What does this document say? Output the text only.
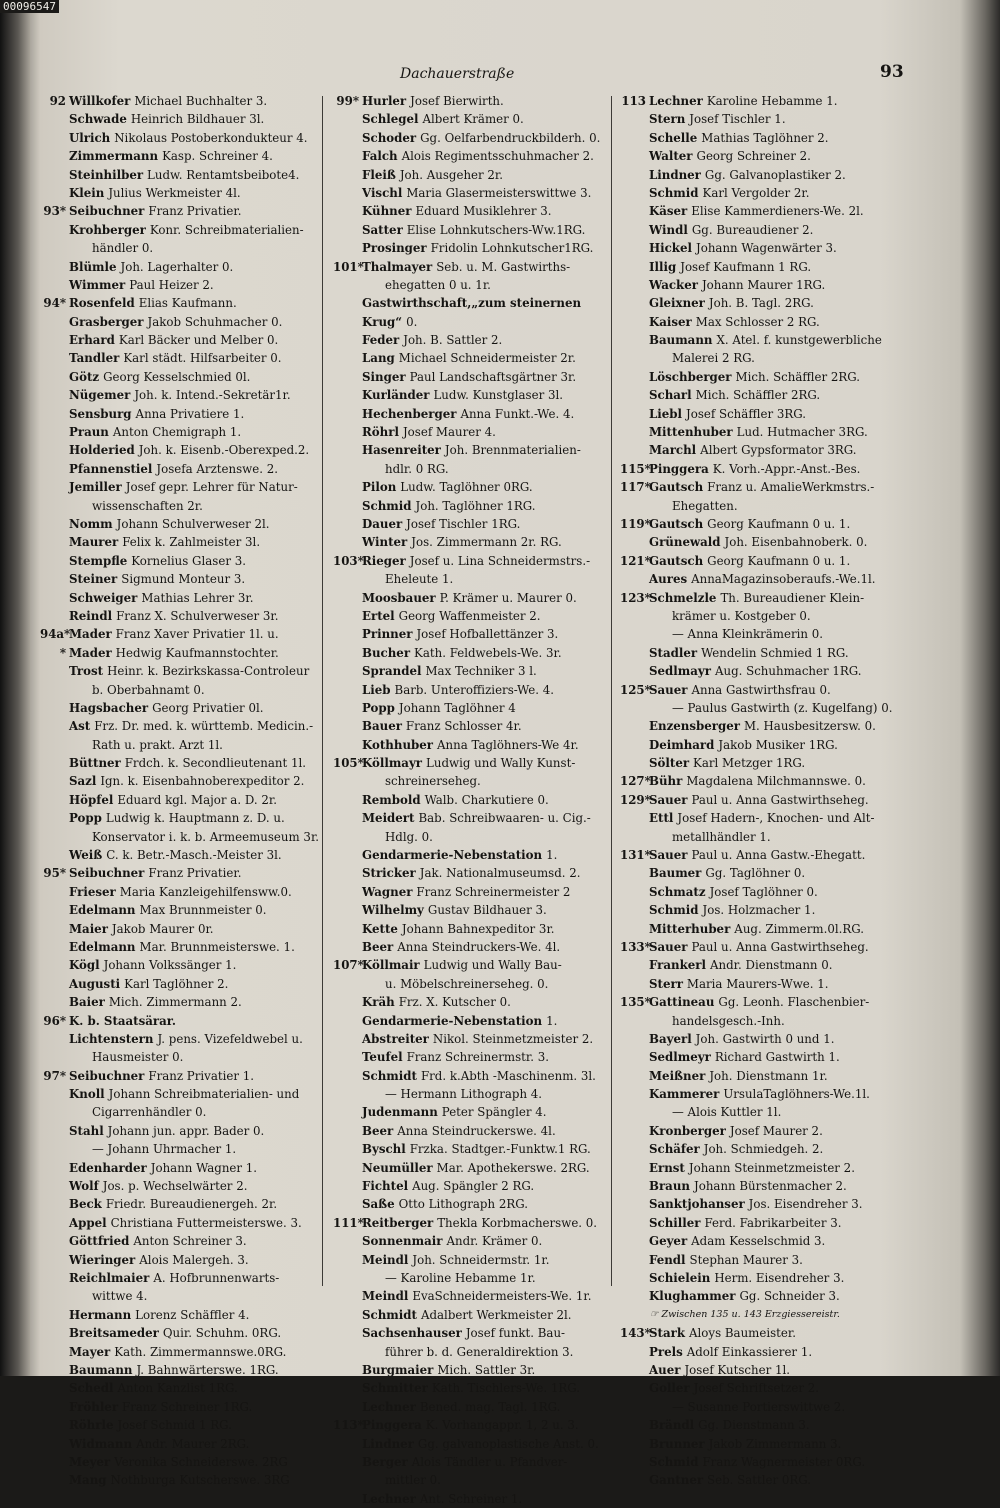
00096547
Dachauerstraße	93
92 Willkofer Michael Buchhalter 3.
Schwade Heinrich Bildhauer 3l.
Ulrich Nikolaus Postoberkondukteur 4.
Zimmermann Kasp. Schreiner 4.
Steinhilber Ludw. Rentamtsbeibote4.
Klein Julius Werkmeister 4l.
93* Seibuchner Franz Privatier.
Krohberger Konr. Schreibmaterialien-
händler 0.
Blümle Joh. Lagerhalter 0.
Wimmer Paul Heizer 2.
94* Rosenfeld Elias Kaufmann.
Grasberger Jakob Schuhmacher 0.
Erhard Karl Bäcker und Melber 0.
Tandler Karl städt. Hilfsarbeiter 0.
Götz Georg Kesselschmied 0l.
Nügemer Joh. k. Intend.-Sekretär1r.
Sensburg Anna Privatiere 1.
Praun Anton Chemigraph 1.
Holderied Joh. k. Eisenb.-Oberexped.2.
Pfannenstiel Josefa Arztenswe. 2.
Jemiller Josef gepr. Lehrer für Natur-
wissenschaften 2r.
Nomm Johann Schulverweser 2l.
Maurer Felix k. Zahlmeister 3l.
Stempfle Kornelius Glaser 3.
Steiner Sigmund Monteur 3.
Schweiger Mathias Lehrer 3r.
Reindl Franz X. Schulverweser 3r.
94a*Mader Franz Xaver Privatier 1l. u.
* Mader Hedwig Kaufmannstochter.
Trost Heinr. k. Bezirkskassa-Controleur
b. Oberbahnamt 0.
Hagsbacher Georg Privatier 0l.
Ast Frz. Dr. med. k. württemb. Medicin.-
Rath u. prakt. Arzt 1l.
Büttner Frdch. k. Secondlieutenant 1l.
Sazl Ign. k. Eisenbahnoberexpeditor 2.
Höpfel Eduard kgl. Major a. D. 2r.
Popp Ludwig k. Hauptmann z. D. u.
Konservator i. k. b. Armeemuseum 3r.
Weiß C. k. Betr.-Masch.-Meister 3l.
95* Seibuchner Franz Privatier.
Frieser Maria Kanzleigehilfensww.0.
Edelmann Max Brunnmeister 0.
Maier Jakob Maurer 0r.
Edelmann Mar. Brunnmeisterswe. 1.
Kögl Johann Volkssänger 1.
Augusti Karl Taglöhner 2.
Baier Mich. Zimmermann 2.
96* K. b. Staatsärar.
Lichtenstern J. pens. Vizefeldwebel u.
Hausmeister 0.
97* Seibuchner Franz Privatier 1.
Knoll Johann Schreibmaterialien- und
Cigarrenhändler 0.
Stahl Johann jun. appr. Bader 0.
— Johann Uhrmacher 1.
Edenharder Johann Wagner 1.
Wolf Jos. p. Wechselwärter 2.
Beck Friedr. Bureaudienergeh. 2r.
Appel Christiana Futtermeisterswe. 3.
Göttfried Anton Schreiner 3.
Wieringer Alois Malergeh. 3.
Reichlmaier A. Hofbrunnenwarts-
wittwe 4.
Hermann Lorenz Schäffler 4.
Breitsameder Quir. Schuhm. 0RG.
Mayer Kath. Zimmermannswe.0RG.
Baumann J. Bahnwärterswe. 1RG.
Schedl Anton Kanzlist 1RG.
Fröhler Franz Schreiner 1RG.
Röhrle Josef Schmid 1 RG.
Widmann Andr. Maurer 2RG.
Meyer Veronika Schneiderswe. 2RG
Mang Nothburga Kutscherswe. 3RG
99* Hurler Josef Bierwirth.
Schlegel Albert Krämer 0.
Schoder Gg. Oelfarbendruckbilderh. 0.
Falch Alois Regimentsschuhmacher 2.
Fleiß Joh. Ausgeher 2r.
Vischl Maria Glasermeisterswittwe 3.
Kühner Eduard Musiklehrer 3.
Satter Elise Lohnkutschers-Ww.1RG.
Prosinger Fridolin Lohnkutscher1RG.
101*Thalmayer Seb. u. M. Gastwirths-
ehegatten 0 u. 1r.
Gastwirthschaft,„zum steinernen
Krug“ 0.
Feder Joh. B. Sattler 2.
Lang Michael Schneidermeister 2r.
Singer Paul Landschaftsgärtner 3r.
Kurländer Ludw. Kunstglaser 3l.
Hechenberger Anna Funkt.-We. 4.
Röhrl Josef Maurer 4.
Hasenreiter Joh. Brennmaterialien-
hdlr. 0 RG.
Pilon Ludw. Taglöhner 0RG.
Schmid Joh. Taglöhner 1RG.
Dauer Josef Tischler 1RG.
Winter Jos. Zimmermann 2r. RG.
103*Rieger Josef u. Lina Schneidermstrs.-
Eheleute 1.
Moosbauer P. Krämer u. Maurer 0.
Ertel Georg Waffenmeister 2.
Prinner Josef Hofballettänzer 3.
Bucher Kath. Feldwebels-We. 3r.
Sprandel Max Techniker 3 l.
Lieb Barb. Unteroffiziers-We. 4.
Popp Johann Taglöhner 4
Bauer Franz Schlosser 4r.
Kothhuber Anna Taglöhners-We 4r.
105*Köllmayr Ludwig und Wally Kunst-
schreinerseheg.
Rembold Walb. Charkutiere 0.
Meidert Bab. Schreibwaaren- u. Cig.-
Hdlg. 0.
Gendarmerie-Nebenstation 1.
Stricker Jak. Nationalmuseumsd. 2.
Wagner Franz Schreinermeister 2
Wilhelmy Gustav Bildhauer 3.
Kette Johann Bahnexpeditor 3r.
Beer Anna Steindruckers-We. 4l.
107*Köllmair Ludwig und Wally Bau-
u. Möbelschreinerseheg. 0.
Kräh Frz. X. Kutscher 0.
Gendarmerie-Nebenstation 1.
Abstreiter Nikol. Steinmetzmeister 2.
Teufel Franz Schreinermstr. 3.
Schmidt Frd. k.Abth -Maschinenm. 3l.
— Hermann Lithograph 4.
Judenmann Peter Spängler 4.
Beer Anna Steindruckerswe. 4l.
Byschl Frzka. Stadtger.-Funktw.1 RG.
Neumüller Mar. Apothekerswe. 2RG.
Fichtel Aug. Spängler 2 RG.
Saße Otto Lithograph 2RG.
111*Reitberger Thekla Korbmacherswe. 0.
Sonnenmair Andr. Krämer 0.
Meindl Joh. Schneidermstr. 1r.
— Karoline Hebamme 1r.
Meindl EvaSchneidermeisters-We. 1r.
Schmidt Adalbert Werkmeister 2l.
Sachsenhauser Josef funkt. Bau-
führer b. d. Generaldirektion 3.
Burgmaier Mich. Sattler 3r.
Schmitter Kath. Tischlers-We. 1RG.
Lechner Bened. mag. Tagl. 1RG.
113*Pinggera K. Vorhangappr. 1, 2 u. 3.
Lindner Gg. galvanoplastische Anst. 0.
Berger Alois Tändler u. Pfandver-
mittler 0.
Lechner Ant. Schreiner 1.
113 Lechner Karoline Hebamme 1.
Stern Josef Tischler 1.
Schelle Mathias Taglöhner 2.
Walter Georg Schreiner 2.
Lindner Gg. Galvanoplastiker 2.
Schmid Karl Vergolder 2r.
Käser Elise Kammerdieners-We. 2l.
Windl Gg. Bureaudiener 2.
Hickel Johann Wagenwärter 3.
Illig Josef Kaufmann 1 RG.
Wacker Johann Maurer 1RG.
Gleixner Joh. B. Tagl. 2RG.
Kaiser Max Schlosser 2 RG.
Baumann X. Atel. f. kunstgewerbliche
Malerei 2 RG.
Löschberger Mich. Schäffler 2RG.
Scharl Mich. Schäffler 2RG.
Liebl Josef Schäffler 3RG.
Mittenhuber Lud. Hutmacher 3RG.
Marchl Albert Gypsformator 3RG.
115*Pinggera K. Vorh.-Appr.-Anst.-Bes.
117*Gautsch Franz u. AmalieWerkmstrs.-
Ehegatten.
119*Gautsch Georg Kaufmann 0 u. 1.
Grünewald Joh. Eisenbahnoberk. 0.
121*Gautsch Georg Kaufmann 0 u. 1.
Aures AnnaMagazinsoberaufs.-We.1l.
123*Schmelzle Th. Bureaudiener Klein-
krämer u. Kostgeber 0.
— Anna Kleinkrämerin 0.
Stadler Wendelin Schmied 1 RG.
Sedlmayr Aug. Schuhmacher 1RG.
125*Sauer Anna Gastwirthsfrau 0.
— Paulus Gastwirth (z. Kugelfang) 0.
Enzensberger M. Hausbesitzersw. 0.
Deimhard Jakob Musiker 1RG.
Sölter Karl Metzger 1RG.
127*Bühr Magdalena Milchmannswe. 0.
129*Sauer Paul u. Anna Gastwirthseheg.
Ettl Josef Hadern-, Knochen- und Alt-
metallhändler 1.
131*Sauer Paul u. Anna Gastw.-Ehegatt.
Baumer Gg. Taglöhner 0.
Schmatz Josef Taglöhner 0.
Schmid Jos. Holzmacher 1.
Mitterhuber Aug. Zimmerm.0l.RG.
133*Sauer Paul u. Anna Gastwirthseheg.
Frankerl Andr. Dienstmann 0.
Sterr Maria Maurers-Wwe. 1.
135*Gattineau Gg. Leonh. Flaschenbier-
handelsgesch.-Inh.
Bayerl Joh. Gastwirth 0 und 1.
Sedlmeyr Richard Gastwirth 1.
Meißner Joh. Dienstmann 1r.
Kammerer UrsulaTaglöhners-We.1l.
— Alois Kuttler 1l.
Kronberger Josef Maurer 2.
Schäfer Joh. Schmiedgeh. 2.
Ernst Johann Steinmetzmeister 2.
Braun Johann Bürstenmacher 2.
Sanktjohanser Jos. Eisendreher 3.
Schiller Ferd. Fabrikarbeiter 3.
Geyer Adam Kesselschmid 3.
Fendl Stephan Maurer 3.
Schielein Herm. Eisendreher 3.
Klughammer Gg. Schneider 3.
☞ Zwischen 135 u. 143 Erzgiessereistr.
143*Stark Aloys Baumeister.
Prels Adolf Einkassierer 1.
Auer Josef Kutscher 1l.
Goller Josef Schriftsetzer 2.
— Susanne Portierswittwe 2.
Brändl Gg. Dienstmann 3.
Brunner Jakob Zimmermann 3.
Schmid Franz Wagnermeister 0RG.
Gantner Seb. Sattler 0RG.
